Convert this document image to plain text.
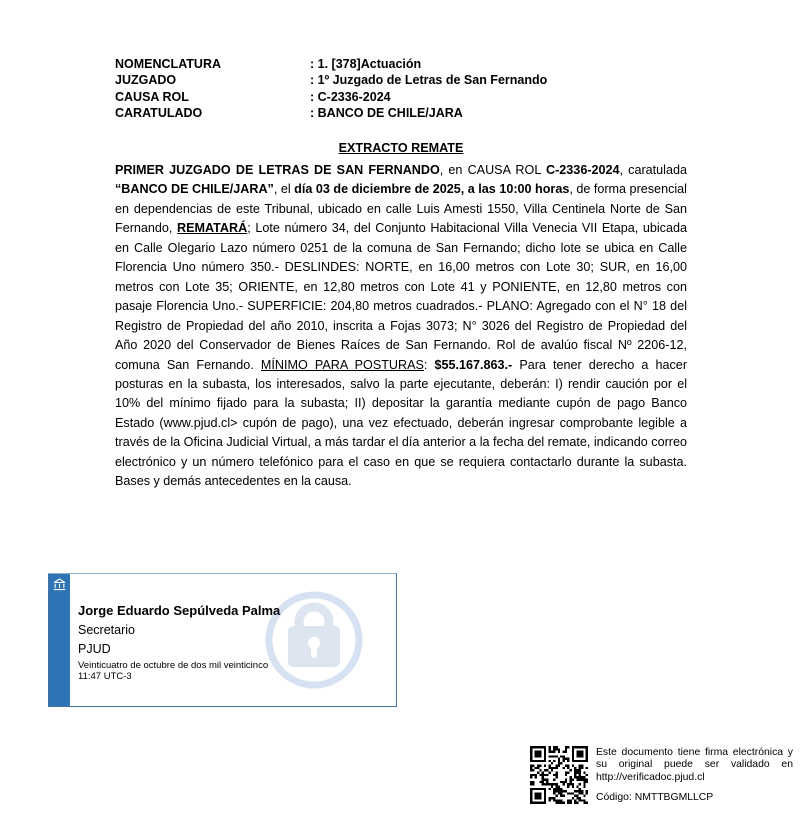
NOMENCLATURA	: 1. [378]Actuación
JUZGADO	: 1º Juzgado de Letras de San Fernando
CAUSA ROL	: C-2336-2024
CARATULADO	: BANCO DE CHILE/JARA
EXTRACTO REMATE
PRIMER JUZGADO DE LETRAS DE SAN FERNANDO, en CAUSA ROL C-2336-2024, caratulada “BANCO DE CHILE/JARA”, el día 03 de diciembre de 2025, a las 10:00 horas, de forma presencial en dependencias de este Tribunal, ubicado en calle Luis Amesti 1550, Villa Centinela Norte de San Fernando, REMATARÁ; Lote número 34, del Conjunto Habitacional Villa Venecia VII Etapa, ubicada en Calle Olegario Lazo número 0251 de la comuna de San Fernando; dicho lote se ubica en Calle Florencia Uno número 350.- DESLINDES: NORTE, en 16,00 metros con Lote 30; SUR, en 16,00 metros con Lote 35; ORIENTE, en 12,80 metros con Lote 41 y PONIENTE, en 12,80 metros con pasaje Florencia Uno.- SUPERFICIE: 204,80 metros cuadrados.- PLANO: Agregado con el N° 18 del Registro de Propiedad del año 2010, inscrita a Fojas 3073; N° 3026 del Registro de Propiedad del Año 2020 del Conservador de Bienes Raíces de San Fernando. Rol de avalúo fiscal Nº 2206-12, comuna San Fernando. MÍNIMO PARA POSTURAS: $55.167.863.- Para tener derecho a hacer posturas en la subasta, los interesados, salvo la parte ejecutante, deberán: I) rendir caución por el 10% del mínimo fijado para la subasta; II) depositar la garantía mediante cupón de pago Banco Estado (www.pjud.cl> cupón de pago), una vez efectuado, deberán ingresar comprobante legible a través de la Oficina Judicial Virtual, a más tardar el día anterior a la fecha del remate, indicando correo electrónico y un número telefónico para el caso en que se requiera contactarlo durante la subasta. Bases y demás antecedentes en la causa.
Jorge Eduardo Sepúlveda Palma
Secretario
PJUD
Veinticuatro de octubre de dos mil veinticinco
11:47 UTC-3
Este documento tiene firma electrónica y su original puede ser validado en http://verificadoc.pjud.cl
Código: NMTTBGMLLCP
